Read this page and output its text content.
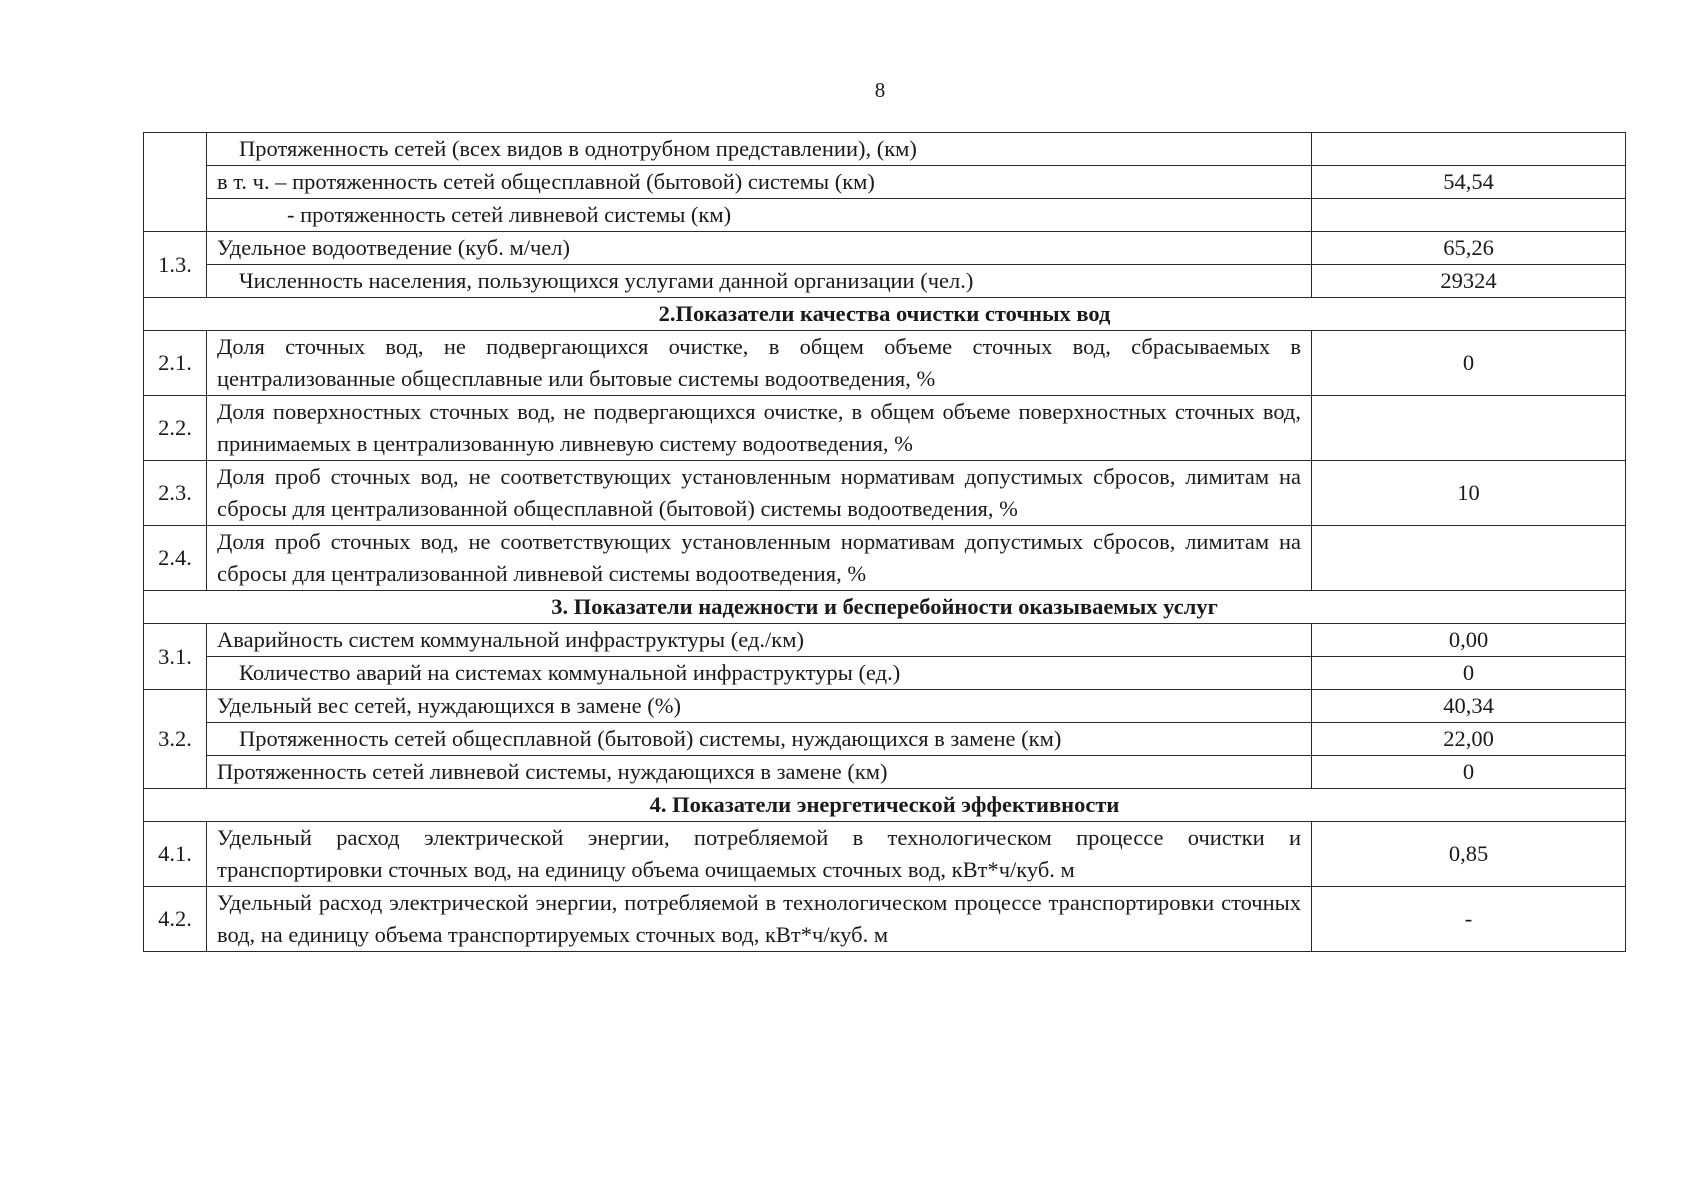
8
	Протяженность сетей (всех видов в однотрубном представлении), (км)	
	в т. ч. – протяженность сетей общесплавной (бытовой) системы (км)	54,54
	- протяженность сетей ливневой системы (км)	
1.3.	Удельное водоотведение (куб. м/чел)	65,26
	Численность населения, пользующихся услугами данной организации (чел.)	29324
2.Показатели качества очистки сточных вод		
2.1.	Доля сточных вод, не подвергающихся очистке, в общем объеме сточных вод, сбрасываемых в централизованные общесплавные или бытовые системы водоотведения, %	0
2.2.	Доля поверхностных сточных вод, не подвергающихся очистке, в общем объеме поверхностных сточных вод, принимаемых в централизованную ливневую систему водоотведения, %	
2.3.	Доля проб сточных вод, не соответствующих установленным нормативам допустимых сбросов, лимитам на сбросы для централизованной общесплавной (бытовой) системы водоотведения, %	10
2.4.	Доля проб сточных вод, не соответствующих установленным нормативам допустимых сбросов, лимитам на сбросы для централизованной ливневой системы водоотведения, %	
3. Показатели надежности и бесперебойности оказываемых услуг		
3.1.	Аварийность систем коммунальной инфраструктуры (ед./км)	0,00
	Количество аварий на системах коммунальной инфраструктуры (ед.)	0
3.2.	Удельный вес сетей, нуждающихся в замене (%)	40,34
	Протяженность сетей общесплавной (бытовой) системы, нуждающихся в замене (км)	22,00
	Протяженность сетей ливневой системы, нуждающихся в замене (км)	0
4. Показатели энергетической эффективности		
4.1.	Удельный расход электрической энергии, потребляемой в технологическом процессе очистки и транспортировки сточных вод, на единицу объема очищаемых сточных вод, кВт*ч/куб. м	0,85
4.2.	Удельный расход электрической энергии, потребляемой в технологическом процессе транспортировки сточных вод, на единицу объема транспортируемых сточных вод, кВт*ч/куб. м	-
